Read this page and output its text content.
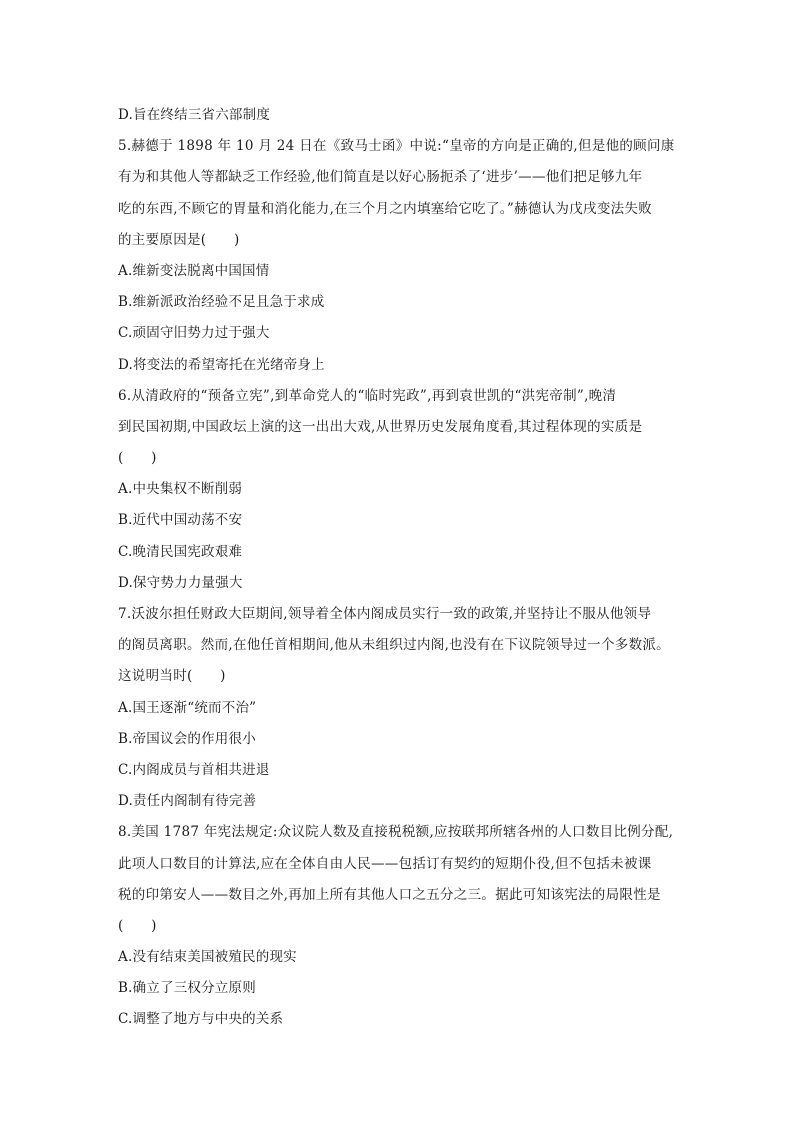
D.旨在终结三省六部制度
5.赫德于 1898 年 10 月 24 日在《致马士函》中说:“皇帝的方向是正确的,但是他的顾问康
有为和其他人等都缺乏工作经验,他们简直是以好心肠扼杀了‘进步’——他们把足够九年
吃的东西,不顾它的胃量和消化能力,在三个月之内填塞给它吃了。”赫德认为戊戌变法失败
的主要原因是(　　)
A.维新变法脱离中国国情
B.维新派政治经验不足且急于求成
C.顽固守旧势力过于强大
D.将变法的希望寄托在光绪帝身上
6.从清政府的“预备立宪”,到革命党人的“临时宪政”,再到袁世凯的“洪宪帝制”,晚清
到民国初期,中国政坛上演的这一出出大戏,从世界历史发展角度看,其过程体现的实质是
(　　)
A.中央集权不断削弱
B.近代中国动荡不安
C.晚清民国宪政艰难
D.保守势力力量强大
7.沃波尔担任财政大臣期间,领导着全体内阁成员实行一致的政策,并坚持让不服从他领导
的阁员离职。然而,在他任首相期间,他从未组织过内阁,也没有在下议院领导过一个多数派。
这说明当时(　　)
A.国王逐渐“统而不治”
B.帝国议会的作用很小
C.内阁成员与首相共进退
D.责任内阁制有待完善
8.美国 1787 年宪法规定:众议院人数及直接税税额,应按联邦所辖各州的人口数目比例分配,
此项人口数目的计算法,应在全体自由人民——包括订有契约的短期仆役,但不包括未被课
税的印第安人——数目之外,再加上所有其他人口之五分之三。据此可知该宪法的局限性是
(　　)
A.没有结束美国被殖民的现实
B.确立了三权分立原则
C.调整了地方与中央的关系
